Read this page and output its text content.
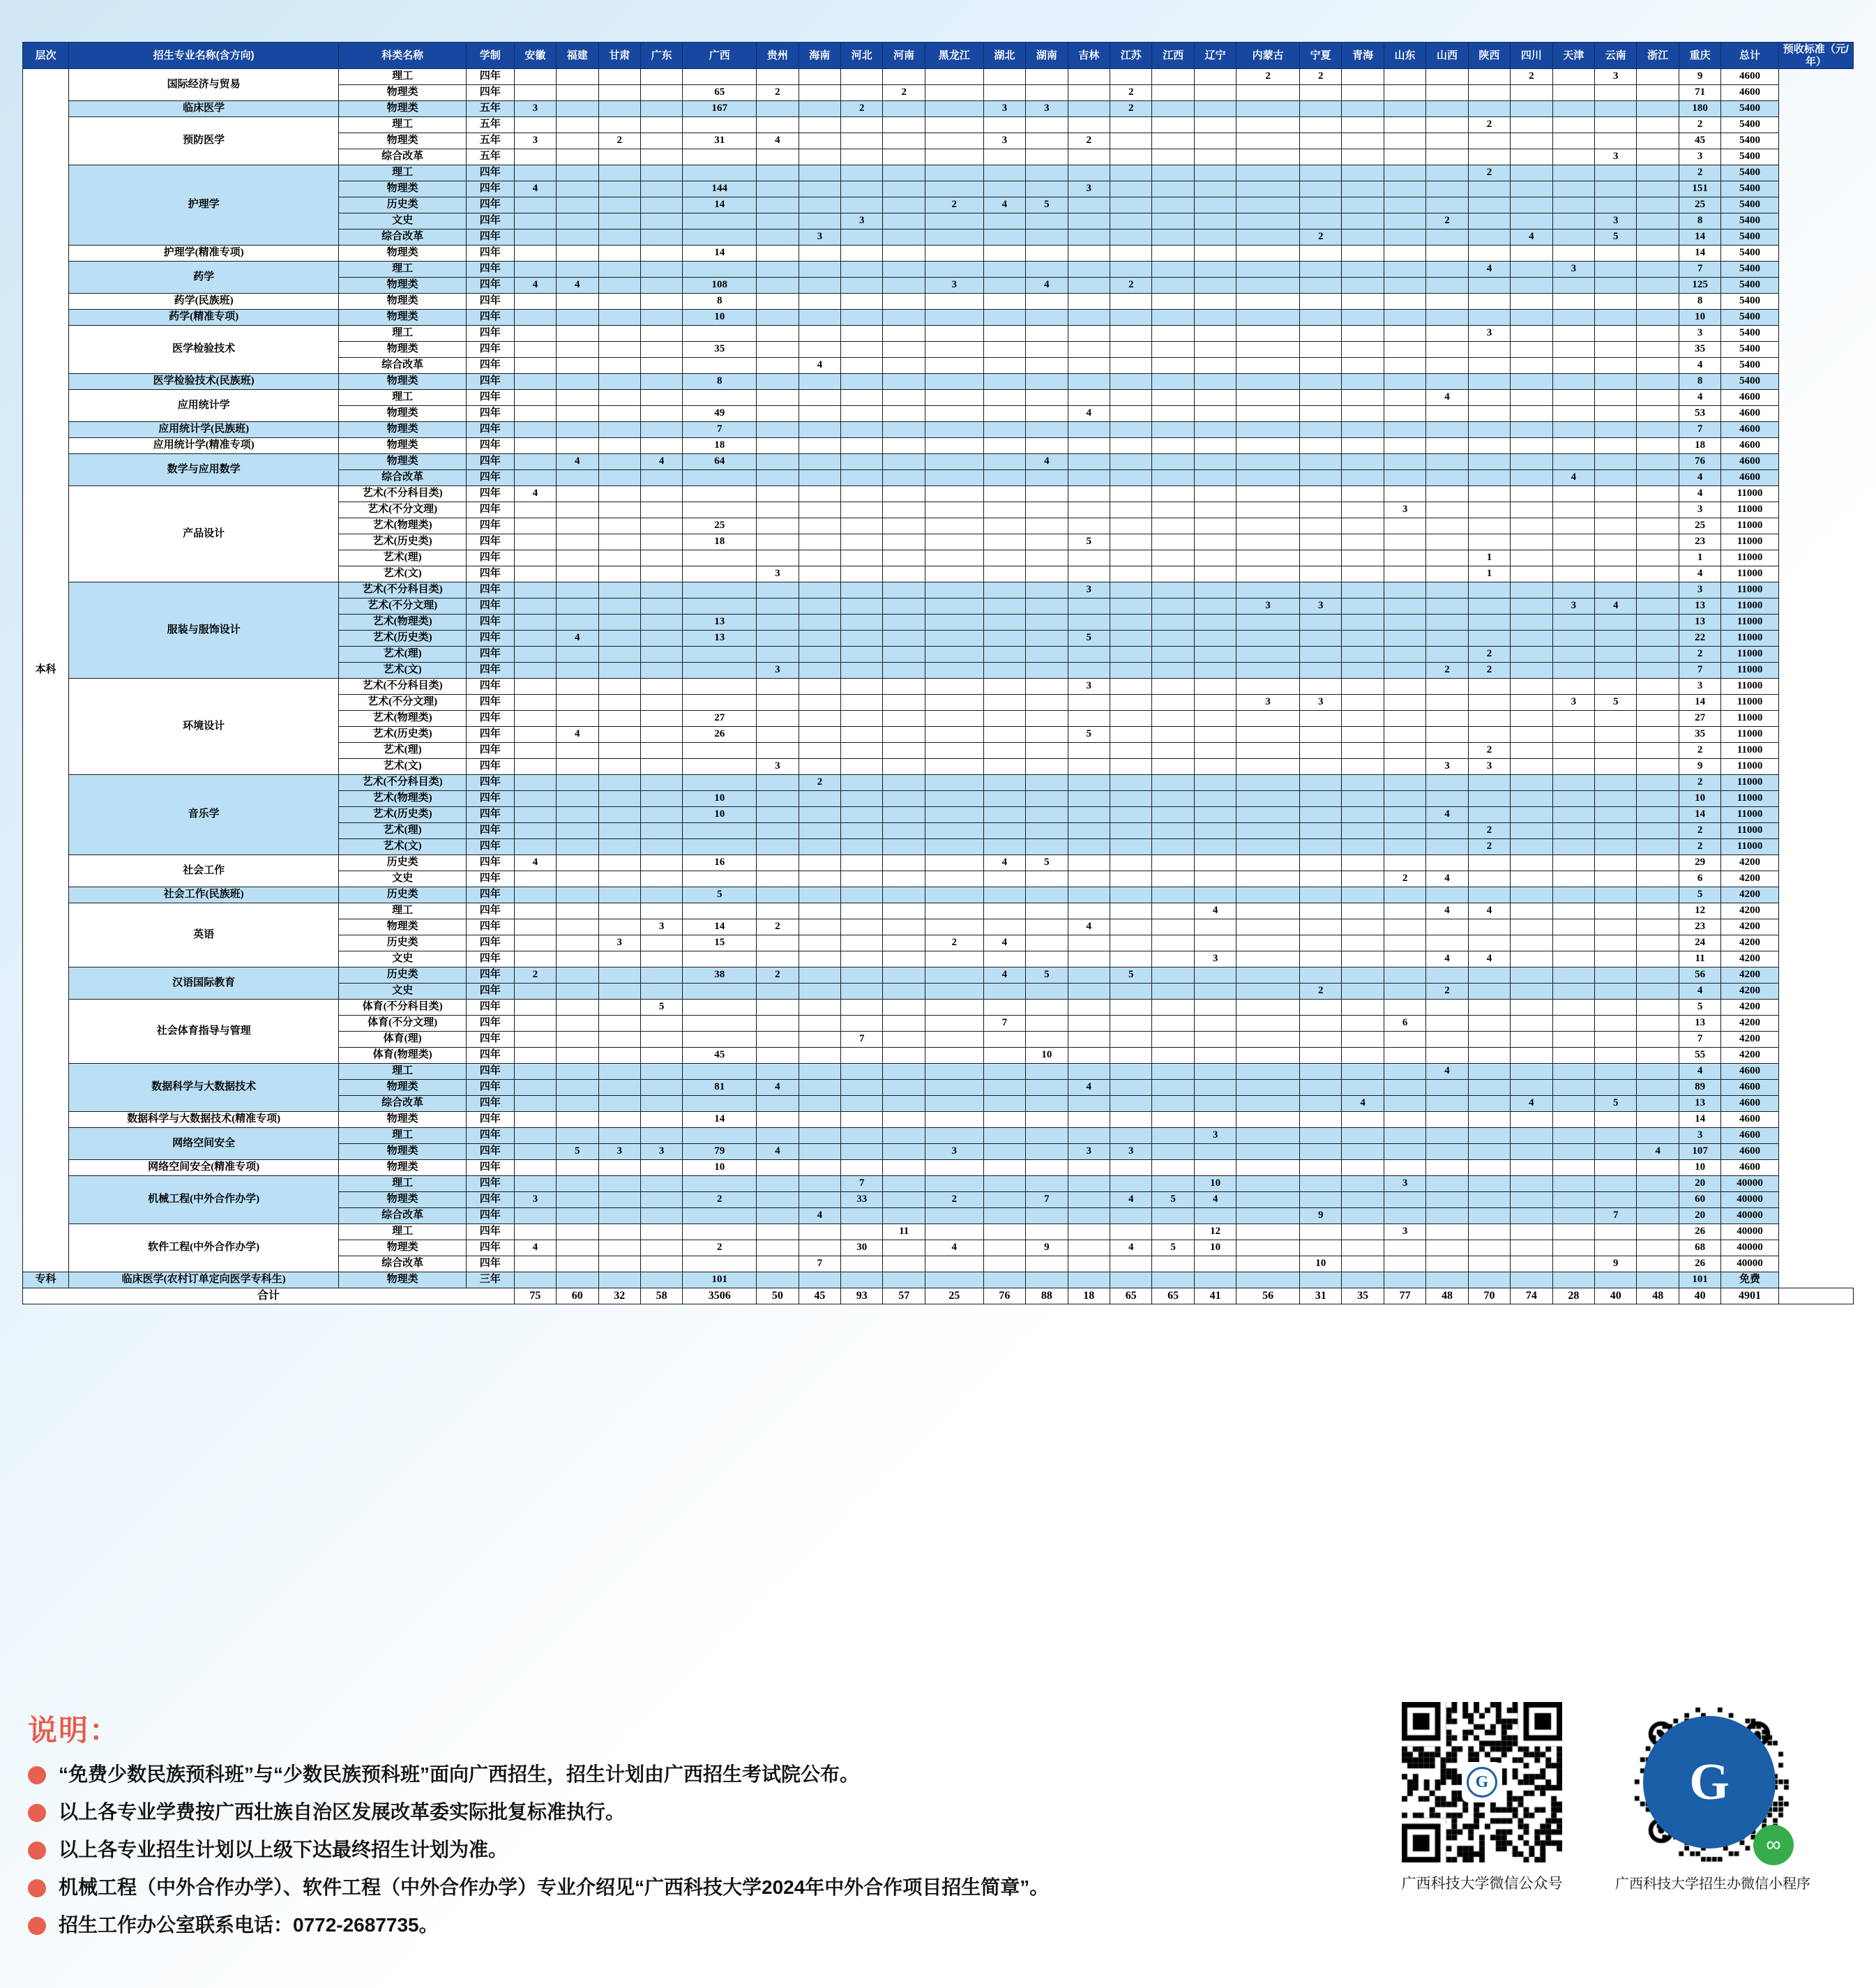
层次	招生专业名称(含方向)	科类名称	学制	安徽	福建	甘肃	广东	广西	贵州	海南	河北	河南	黑龙江	湖北	湖南	吉林	江苏	江西	辽宁	内蒙古	宁夏	青海	山东	山西	陕西	四川	天津	云南	浙江	重庆	总计	预收标准（元/年）
本科	国际经济与贸易	理工	四年																	2	2					2		3		9	4600	
		物理类	四年					65	2			2					2													71	4600	
	临床医学	物理类	五年	3				167			2			3	3		2													180	5400	
	预防医学	理工	五年																						2					2	5400	
		物理类	五年	3		2		31	4					3		2														45	5400	
		综合改革	五年																									3		3	5400	
	护理学	理工	四年																						2					2	5400	
		物理类	四年	4				144								3														151	5400	
		历史类	四年					14					2	4	5															25	5400	
		文史	四年								3													2				3		8	5400	
		综合改革	四年							3											2					4		5		14	5400	
	护理学(精准专项)	物理类	四年					14																						14	5400	
	药学	理工	四年																						4		3			7	5400	
		物理类	四年	4	4			108					3		4		2													125	5400	
	药学(民族班)	物理类	四年					8																						8	5400	
	药学(精准专项)	物理类	四年					10																						10	5400	
	医学检验技术	理工	四年																						3					3	5400	
		物理类	四年					35																						35	5400	
		综合改革	四年							4																				4	5400	
	医学检验技术(民族班)	物理类	四年					8																						8	5400	
	应用统计学	理工	四年																					4						4	4600	
		物理类	四年					49								4														53	4600	
	应用统计学(民族班)	物理类	四年					7																						7	4600	
	应用统计学(精准专项)	物理类	四年					18																						18	4600	
	数学与应用数学	物理类	四年		4		4	64							4															76	4600	
		综合改革	四年																								4			4	4600	
	产品设计	艺术(不分科目类)	四年	4																										4	11000	
		艺术(不分文理)	四年																				3							3	11000	
		艺术(物理类)	四年					25																						25	11000	
		艺术(历史类)	四年					18								5														23	11000	
		艺术(理)	四年																						1					1	11000	
		艺术(文)	四年						3																1					4	11000	
	服装与服饰设计	艺术(不分科目类)	四年													3														3	11000	
		艺术(不分文理)	四年																	3	3						3	4		13	11000	
		艺术(物理类)	四年					13																						13	11000	
		艺术(历史类)	四年		4			13								5														22	11000	
		艺术(理)	四年																						2					2	11000	
		艺术(文)	四年						3															2	2					7	11000	
	环境设计	艺术(不分科目类)	四年													3														3	11000	
		艺术(不分文理)	四年																	3	3						3	5		14	11000	
		艺术(物理类)	四年					27																						27	11000	
		艺术(历史类)	四年		4			26								5														35	11000	
		艺术(理)	四年																						2					2	11000	
		艺术(文)	四年						3															3	3					9	11000	
	音乐学	艺术(不分科目类)	四年							2																				2	11000	
		艺术(物理类)	四年					10																						10	11000	
		艺术(历史类)	四年					10																4						14	11000	
		艺术(理)	四年																						2					2	11000	
		艺术(文)	四年																						2					2	11000	
	社会工作	历史类	四年	4				16						4	5															29	4200	
		文史	四年																				2	4						6	4200	
	社会工作(民族班)	历史类	四年					5																						5	4200	
	英语	理工	四年																4					4	4					12	4200	
		物理类	四年				3	14	2							4														23	4200	
		历史类	四年			3		15					2	4																24	4200	
		文史	四年																3					4	4					11	4200	
	汉语国际教育	历史类	四年	2				38	2					4	5		5													56	4200	
		文史	四年																		2			2						4	4200	
	社会体育指导与管理	体育(不分科目类)	四年				5																							5	4200	
		体育(不分文理)	四年											7									6							13	4200	
		体育(理)	四年								7																			7	4200	
		体育(物理类)	四年					45							10															55	4200	
	数据科学与大数据技术	理工	四年																					4						4	4600	
		物理类	四年					81	4							4														89	4600	
		综合改革	四年																			4				4		5		13	4600	
	数据科学与大数据技术(精准专项)	物理类	四年					14																						14	4600	
	网络空间安全	理工	四年																3											3	4600	
		物理类	四年		5	3	3	79	4				3			3	3												4	107	4600	
	网络空间安全(精准专项)	物理类	四年					10																						10	4600	
	机械工程(中外合作办学)	理工	四年								7								10				3							20	40000	
		物理类	四年	3				2			33		2		7		4	5	4											60	40000	
		综合改革	四年							4											9							7		20	40000	
	软件工程(中外合作办学)	理工	四年									11							12				3							26	40000	
		物理类	四年	4				2			30		4		9		4	5	10											68	40000	
		综合改革	四年							7											10							9		26	40000	
专科	临床医学(农村订单定向医学专科生)	物理类	三年					101																						101	免费	
合计				75	60	32	58	3506	50	45	93	57	25	76	88	18	65	65	41	56	31	35	77	48	70	74	28	40	48	40	4901	
说明：
“免费少数民族预科班”与“少数民族预科班”面向广西招生，招生计划由广西招生考试院公布。
以上各专业学费按广西壮族自治区发展改革委实际批复标准执行。
以上各专业招生计划以上级下达最终招生计划为准。
机械工程（中外合作办学）、软件工程（中外合作办学）专业介绍见“广西科技大学2024年中外合作项目招生简章”。
招生工作办公室联系电话：0772-2687735。
G
广西科技大学微信公众号
G
∞
广西科技大学招生办微信小程序
